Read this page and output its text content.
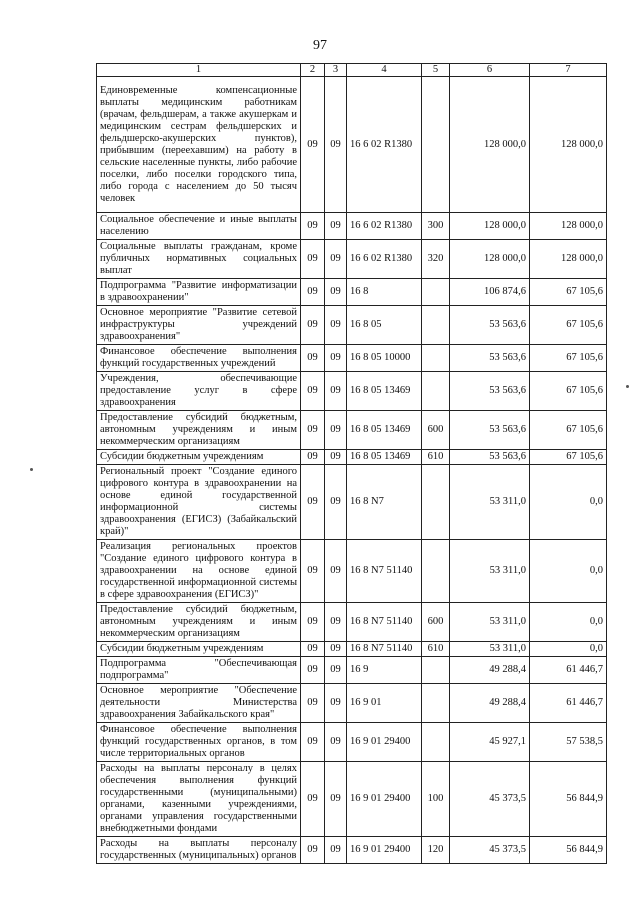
97
1	2	3	4	5	6	7
Единовременные компенсационные выплаты медицинским работникам (врачам, фельдшерам, а также акушеркам и медицинским сестрам фельдшерских и фельдшерско-акушерских пунктов), прибывшим (переехавшим) на работу в сельские населенные пункты, либо рабочие поселки, либо поселки городского типа, либо города с населением до 50 тысяч человек	09	09	16 6 02 R1380		128 000,0	128 000,0
Социальное обеспечение и иные выплаты населению	09	09	16 6 02 R1380	300	128 000,0	128 000,0
Социальные выплаты гражданам, кроме публичных нормативных социальных выплат	09	09	16 6 02 R1380	320	128 000,0	128 000,0
Подпрограмма "Развитие информатизации в здравоохранении"	09	09	16 8		106 874,6	67 105,6
Основное мероприятие "Развитие сетевой инфраструктуры учреждений здравоохранения"	09	09	16 8 05		53 563,6	67 105,6
Финансовое обеспечение выполнения функций государственных учреждений	09	09	16 8 05 10000		53 563,6	67 105,6
Учреждения, обеспечивающие предоставление услуг в сфере здравоохранения	09	09	16 8 05 13469		53 563,6	67 105,6
Предоставление субсидий бюджетным, автономным учреждениям и иным некоммерческим организациям	09	09	16 8 05 13469	600	53 563,6	67 105,6
Субсидии бюджетным учреждениям	09	09	16 8 05 13469	610	53 563,6	67 105,6
Региональный проект "Создание единого цифрового контура в здравоохранении на основе единой государственной информационной системы здравоохранения (ЕГИСЗ) (Забайкальский край)"	09	09	16 8 N7		53 311,0	0,0
Реализация региональных проектов "Создание единого цифрового контура в здравоохранении на основе единой государственной информационной системы в сфере здравоохранения (ЕГИСЗ)"	09	09	16 8 N7 51140		53 311,0	0,0
Предоставление субсидий бюджетным, автономным учреждениям и иным некоммерческим организациям	09	09	16 8 N7 51140	600	53 311,0	0,0
Субсидии бюджетным учреждениям	09	09	16 8 N7 51140	610	53 311,0	0,0
Подпрограмма "Обеспечивающая подпрограмма"	09	09	16 9		49 288,4	61 446,7
Основное мероприятие "Обеспечение деятельности Министерства здравоохранения Забайкальского края"	09	09	16 9 01		49 288,4	61 446,7
Финансовое обеспечение выполнения функций государственных органов, в том числе территориальных органов	09	09	16 9 01 29400		45 927,1	57 538,5
Расходы на выплаты персоналу в целях обеспечения выполнения функций государственными (муниципальными) органами, казенными учреждениями, органами управления государственными внебюджетными фондами	09	09	16 9 01 29400	100	45 373,5	56 844,9
Расходы на выплаты персоналу государственных (муниципальных) органов	09	09	16 9 01 29400	120	45 373,5	56 844,9
